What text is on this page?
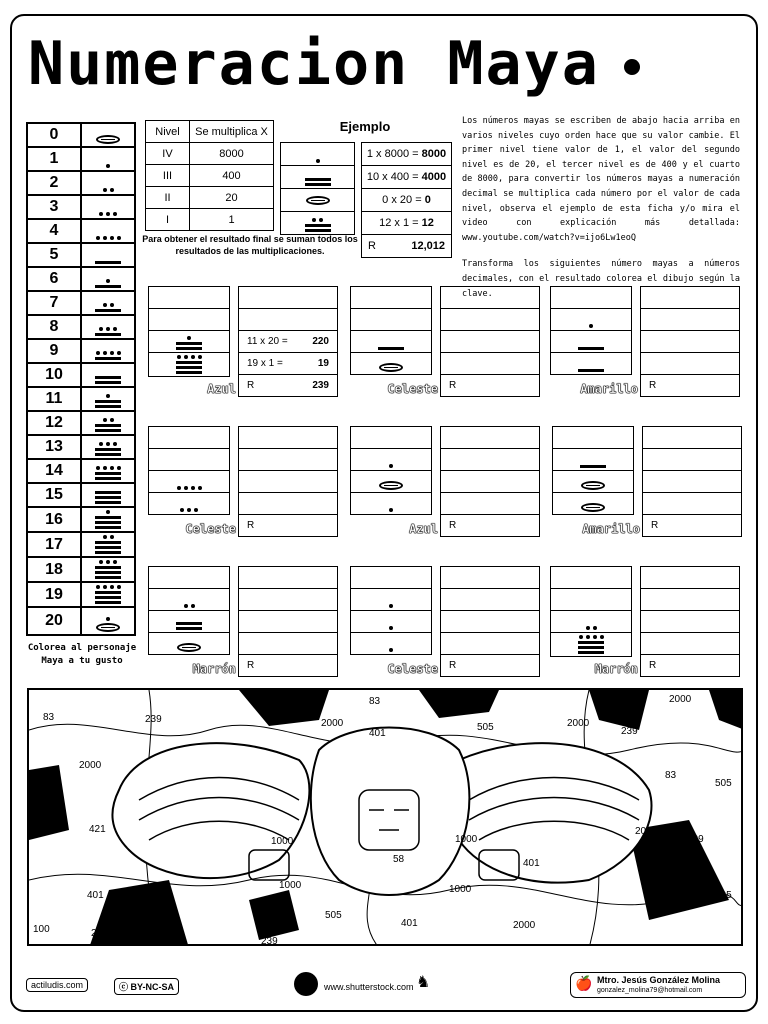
Numeracion Maya
0	

1	

2	

3	

4	

5	

6	

7	

8	

9	

10	

11	

12	

13	

14	

15	

16	

17	

18	

19	

20	
Nivel	Se multiplica X
IV	8000
III	400
II	20
I	1
Para obtener el resultado final se suman todos los resultados de las multiplicaciones.
Ejemplo

1 x 8000 = 8000
10 x 400 = 4000
0 x 20 = 0
12 x 1 = 12

R	12,012

Los números mayas se escriben de abajo hacia arriba en varios niveles cuyo orden hace que su valor cambie. El primer nivel tiene valor de 1, el valor del segundo nivel es de 20, el tercer nivel es de 400 y el cuarto de 8000, para convertir los números mayas a numeración decimal se multiplica cada número por el valor de cada nivel, observa el ejemplo de esta ficha y/o mira el video con explicación más detallada: www.youtube.com/watch?v=ijo6Lw1eoQ

Transforma los siguientes número mayas a números decimales, con el resultado colorea el dibujo según la clave.

11 x 20 = 220

19 x 1 =	19

R	239
Azul	R
Celeste	R
Amarillo

R
Celeste	R
Azul	R
Amarillo

R
Marrón	R
Celeste	R
Marrón
Colorea al personaje Maya a tu gusto
83	239	2000
83
401
505
100	2000
2000
239
83
505
2000
421
1000
58
1000
401
2000
239
1000	1000
401
505
100
401	2000
100	2000
239
505
actiludis.com	ⓒ BY-NC-SA	www.shutterstock.com ♞	🍎 Mtro. Jesús González Molina
gonzalez_molina79@hotmail.com
